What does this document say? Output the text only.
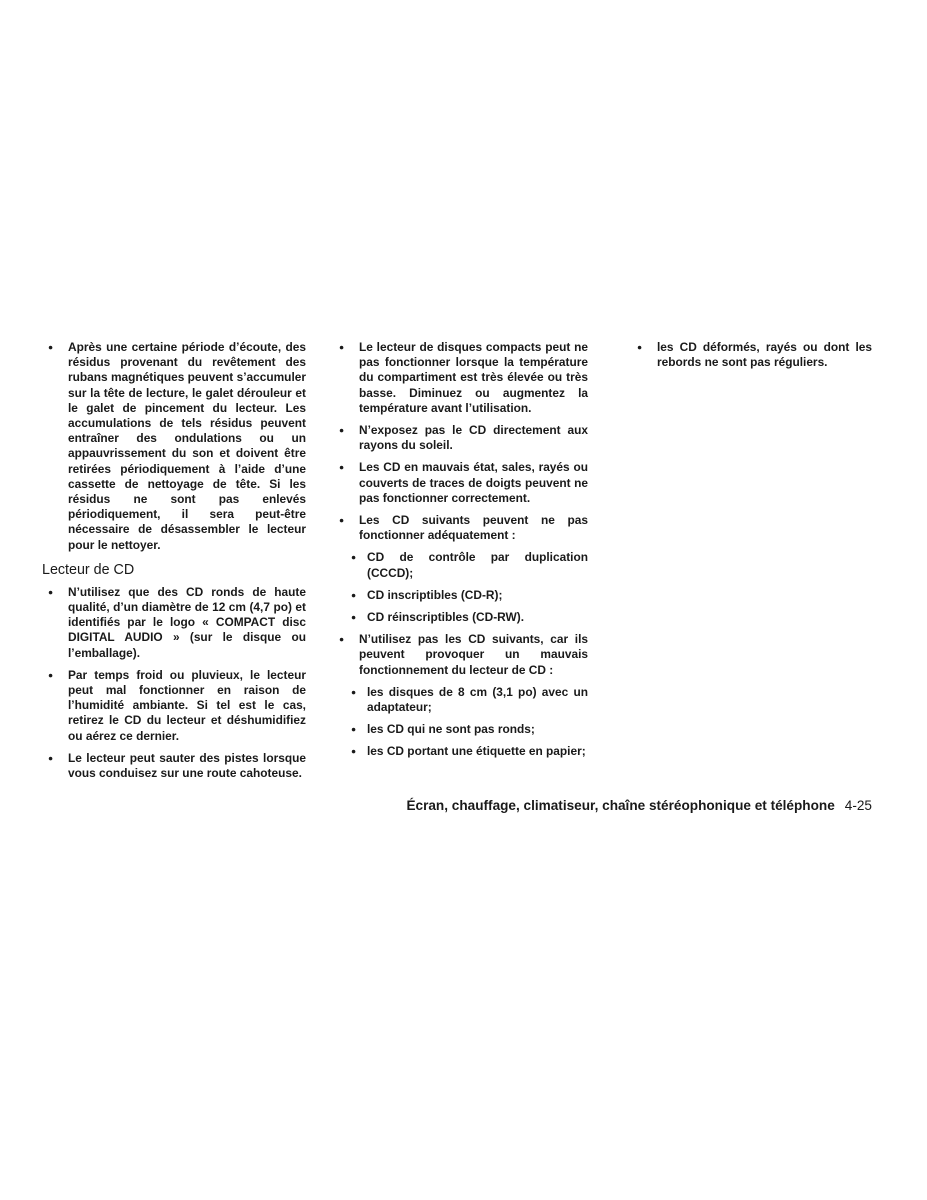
● Après une certaine période d’écoute, des résidus provenant du revêtement des rubans magnétiques peuvent s’accumuler sur la tête de lecture, le galet dérouleur et le galet de pincement du lecteur. Les accumulations de tels résidus peuvent entraîner des ondulations ou un appauvrissement du son et doivent être retirées périodiquement à l’aide d’une cassette de nettoyage de tête. Si les résidus ne sont pas enlevés périodiquement, il sera peut-être nécessaire de désassembler le lecteur pour le nettoyer.

Lecteur de CD

● N’utilisez que des CD ronds de haute qualité, d’un diamètre de 12 cm (4,7 po) et identifiés par le logo « COMPACT disc DIGITAL AUDIO » (sur le disque ou l’emballage).

● Par temps froid ou pluvieux, le lecteur peut mal fonctionner en raison de l’humidité ambiante. Si tel est le cas, retirez le CD du lecteur et déshumidifiez ou aérez ce dernier.

● Le lecteur peut sauter des pistes lorsque vous conduisez sur une route cahoteuse.

● Le lecteur de disques compacts peut ne pas fonctionner lorsque la température du compartiment est très élevée ou très basse. Diminuez ou augmentez la température avant l’utilisation.

● N’exposez pas le CD directement aux rayons du soleil.

● Les CD en mauvais état, sales, rayés ou couverts de traces de doigts peuvent ne pas fonctionner correctement.

● Les CD suivants peuvent ne pas fonctionner adéquatement :

● CD de contrôle par duplication (CCCD);

● CD inscriptibles (CD-R);

● CD réinscriptibles (CD-RW).

● N’utilisez pas les CD suivants, car ils peuvent provoquer un mauvais fonctionnement du lecteur de CD :

● les disques de 8 cm (3,1 po) avec un adaptateur;

● les CD qui ne sont pas ronds;

● les CD portant une étiquette en papier;

● les CD déformés, rayés ou dont les rebords ne sont pas réguliers.

Écran, chauffage, climatiseur, chaîne stéréophonique et téléphone 4-25
